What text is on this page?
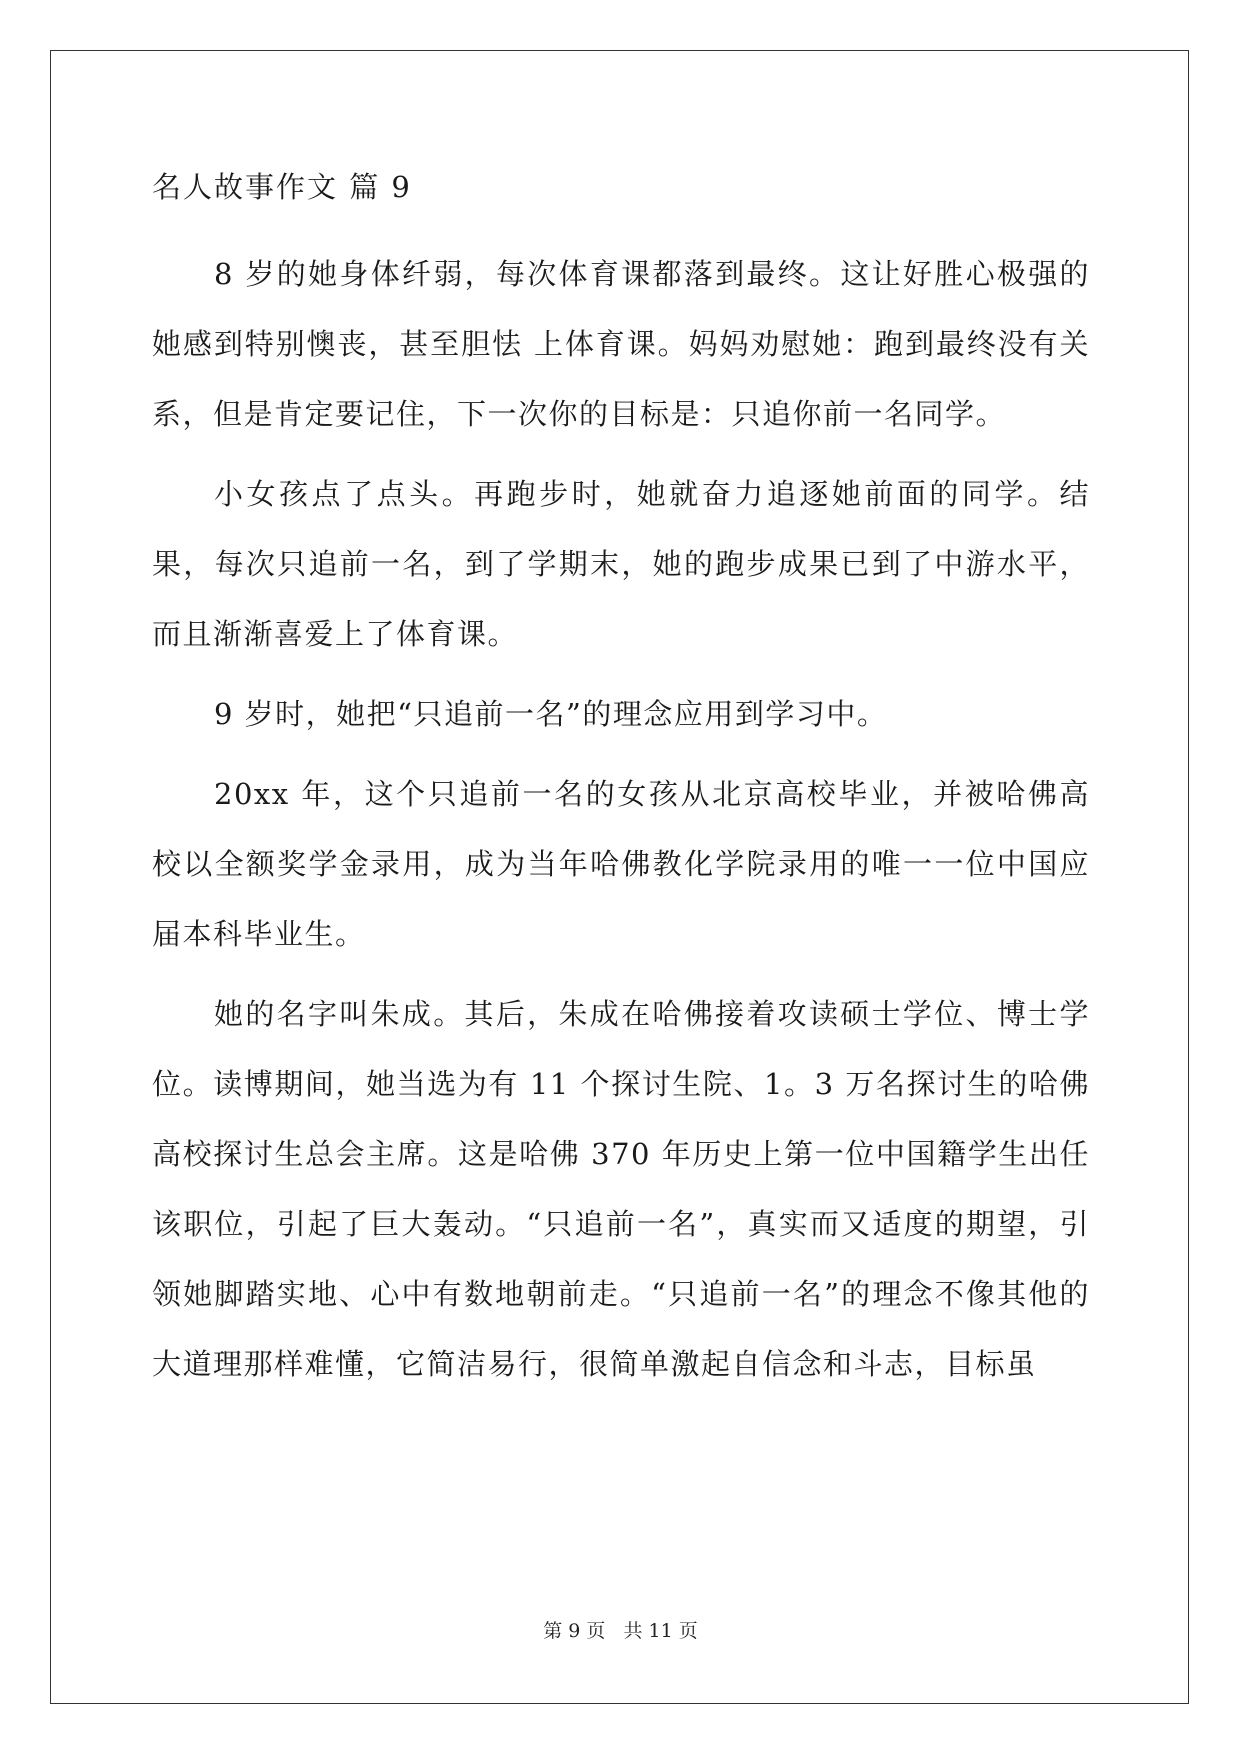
名人故事作文 篇 9

8 岁的她身体纤弱，每次体育课都落到最终。这让好胜心极强的她感到特别懊丧，甚至胆怯 上体育课。妈妈劝慰她：跑到最终没有关系，但是肯定要记住，下一次你的目标是：只追你前一名同学。

小女孩点了点头。再跑步时，她就奋力追逐她前面的同学。结果，每次只追前一名，到了学期末，她的跑步成果已到了中游水平，而且渐渐喜爱上了体育课。

9 岁时，她把“只追前一名”的理念应用到学习中。

20xx 年，这个只追前一名的女孩从北京高校毕业，并被哈佛高校以全额奖学金录用，成为当年哈佛教化学院录用的唯一一位中国应届本科毕业生。

她的名字叫朱成。其后，朱成在哈佛接着攻读硕士学位、博士学位。读博期间，她当选为有 11 个探讨生院、1。3 万名探讨生的哈佛高校探讨生总会主席。这是哈佛 370 年历史上第一位中国籍学生出任该职位，引起了巨大轰动。“只追前一名”，真实而又适度的期望，引领她脚踏实地、心中有数地朝前走。“只追前一名”的理念不像其他的大道理那样难懂，它简洁易行，很简单激起自信念和斗志，目标虽

第 9 页   共 11 页
